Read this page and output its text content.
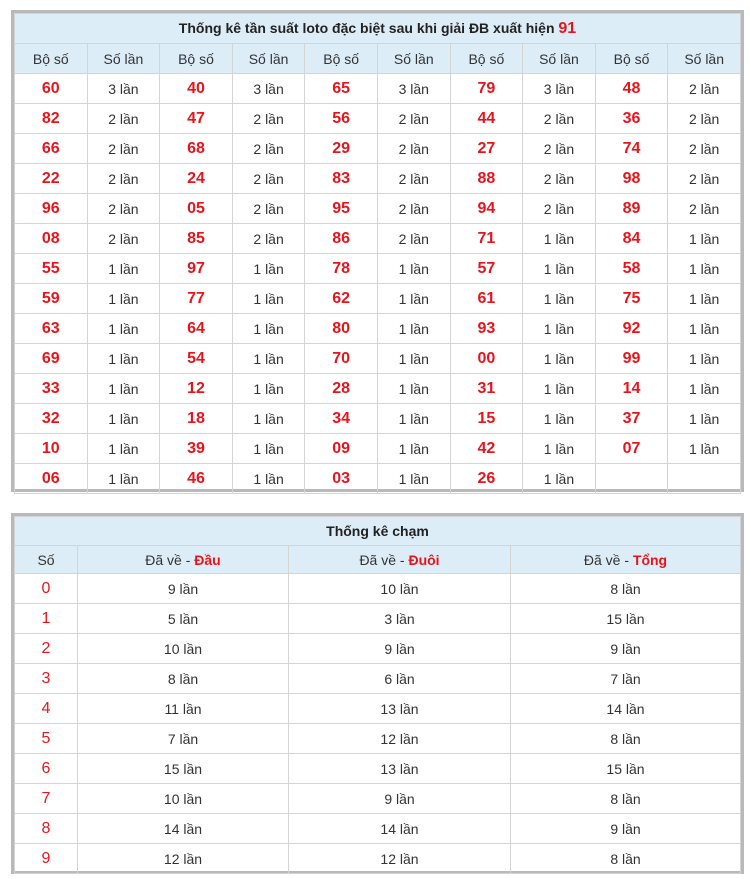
Thống kê tần suất loto đặc biệt sau khi giải ĐB xuất hiện 91									
Bộ số	Số lần	Bộ số	Số lần	Bộ số	Số lần	Bộ số	Số lần	Bộ số	Số lần
60	3 lần	40	3 lần	65	3 lần	79	3 lần	48	2 lần
82	2 lần	47	2 lần	56	2 lần	44	2 lần	36	2 lần
66	2 lần	68	2 lần	29	2 lần	27	2 lần	74	2 lần
22	2 lần	24	2 lần	83	2 lần	88	2 lần	98	2 lần
96	2 lần	05	2 lần	95	2 lần	94	2 lần	89	2 lần
08	2 lần	85	2 lần	86	2 lần	71	1 lần	84	1 lần
55	1 lần	97	1 lần	78	1 lần	57	1 lần	58	1 lần
59	1 lần	77	1 lần	62	1 lần	61	1 lần	75	1 lần
63	1 lần	64	1 lần	80	1 lần	93	1 lần	92	1 lần
69	1 lần	54	1 lần	70	1 lần	00	1 lần	99	1 lần
33	1 lần	12	1 lần	28	1 lần	31	1 lần	14	1 lần
32	1 lần	18	1 lần	34	1 lần	15	1 lần	37	1 lần
10	1 lần	39	1 lần	09	1 lần	42	1 lần	07	1 lần
06	1 lần	46	1 lần	03	1 lần	26	1 lần		
Thống kê chạm			
Số	Đã về - Đầu	Đã về - Đuôi	Đã về - Tổng
0	9 lần	10 lần	8 lần
1	5 lần	3 lần	15 lần
2	10 lần	9 lần	9 lần
3	8 lần	6 lần	7 lần
4	11 lần	13 lần	14 lần
5	7 lần	12 lần	8 lần
6	15 lần	13 lần	15 lần
7	10 lần	9 lần	8 lần
8	14 lần	14 lần	9 lần
9	12 lần	12 lần	8 lần
